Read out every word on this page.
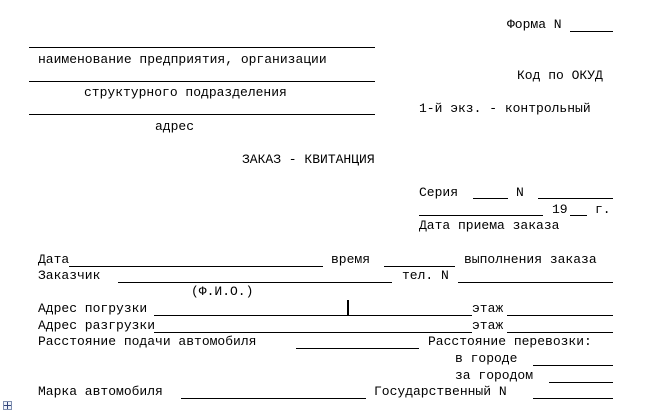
Форма N
наименование предприятия, организации
Код по ОКУД
структурного подразделения
1-й экз. - контрольный
адрес
ЗАКАЗ - КВИТАНЦИЯ
Серия	N
19 г.
Дата приема заказа
Дата	время	выполнения заказа
Заказчик	тел. N
(Ф.И.О.)
Адрес погрузки	этаж
Адрес разгрузки	этаж
Расстояние подачи автомобиля	Расстояние перевозки:
в городе
за городом
Марка автомобиля	Государственный N
